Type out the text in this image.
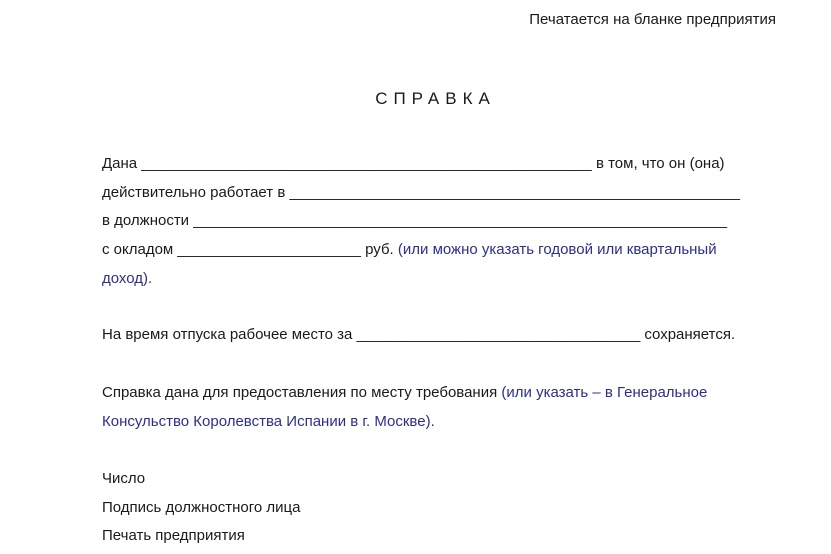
Печатается на бланке предприятия
СПРАВКА
Дана ______________________________________________________ в том, что он (она)
действительно работает в ______________________________________________________
в должности ________________________________________________________________
с окладом ______________________ руб. (или можно указать годовой или квартальный
доход).
На время отпуска рабочее место за __________________________________ сохраняется.
Справка дана для предоставления по месту требования (или указать – в Генеральное
Консульство Королевства Испании в г. Москве).
Число
Подпись должностного лица
Печать предприятия
